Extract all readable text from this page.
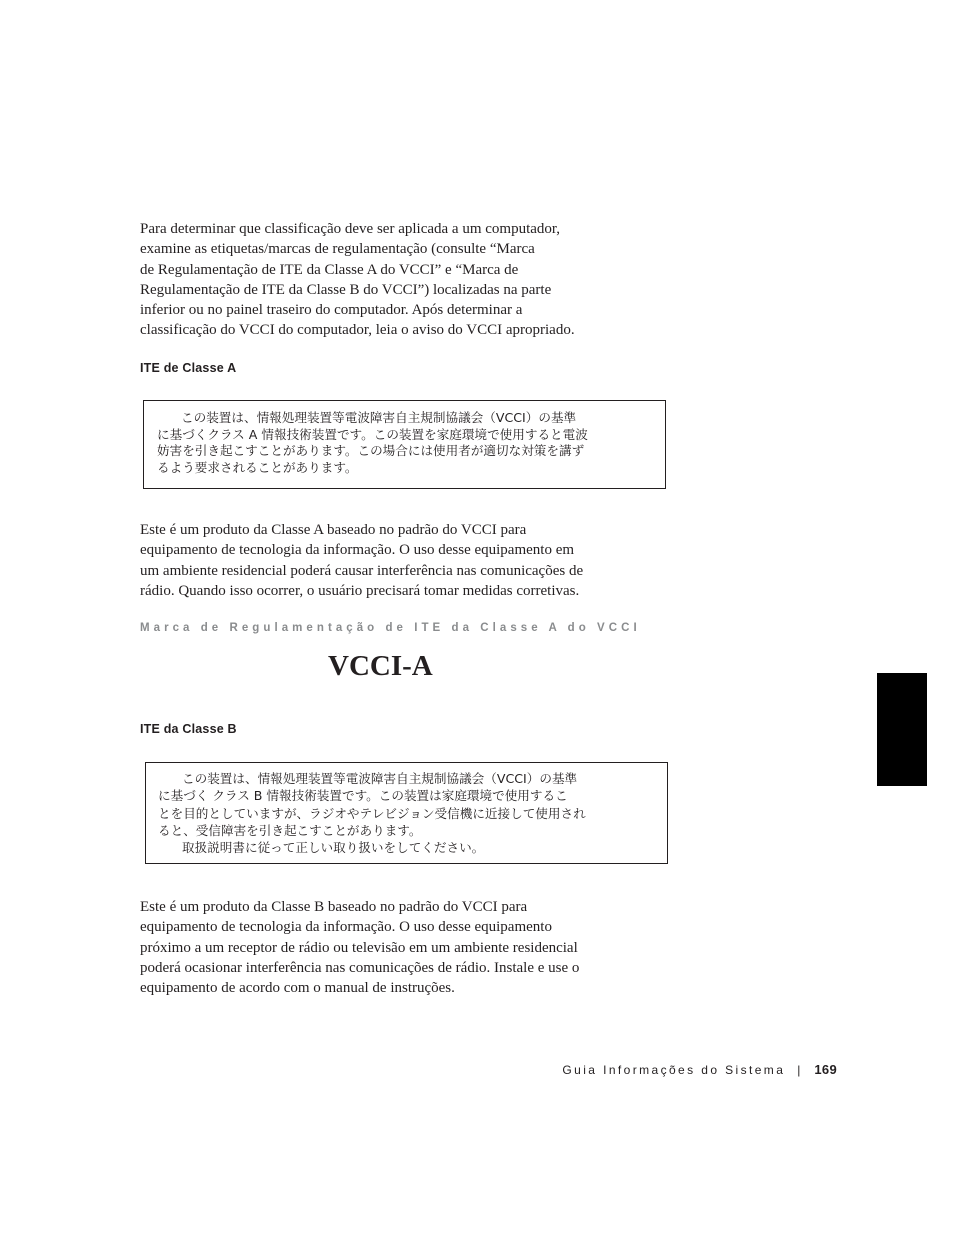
Para determinar que classificação deve ser aplicada a um computador,
examine as etiquetas/marcas de regulamentação (consulte “Marca
de Regulamentação de ITE da Classe A do VCCI” e “Marca de
Regulamentação de ITE da Classe B do VCCI”) localizadas na parte
inferior ou no painel traseiro do computador. Após determinar a
classificação do VCCI do computador, leia o aviso do VCCI apropriado.

ITE de Classe A
この装置は、情報処理装置等電波障害自主規制協議会（VCCI）の基準
に基づくクラス A 情報技術装置です。この装置を家庭環境で使用すると電波
妨害を引き起こすことがあります。この場合には使用者が適切な対策を講ず
るよう要求されることがあります。

Este é um produto da Classe A baseado no padrão do VCCI para
equipamento de tecnologia da informação. O uso desse equipamento em
um ambiente residencial poderá causar interferência nas comunicações de
rádio. Quando isso ocorrer, o usuário precisará tomar medidas corretivas.

Marca de Regulamentação de ITE da Classe A do VCCI

VCCI-A

ITE da Classe B
この装置は、情報処理装置等電波障害自主規制協議会（VCCI）の基準
に基づく クラス B 情報技術装置です。この装置は家庭環境で使用するこ
とを目的としていますが、ラジオやテレビジョン受信機に近接して使用され
ると、受信障害を引き起こすことがあります。
取扱説明書に従って正しい取り扱いをしてください。

Este é um produto da Classe B baseado no padrão do VCCI para
equipamento de tecnologia da informação. O uso desse equipamento
próximo a um receptor de rádio ou televisão em um ambiente residencial
poderá ocasionar interferência nas comunicações de rádio. Instale e use o
equipamento de acordo com o manual de instruções.

Guia Informações do Sistema | 169
